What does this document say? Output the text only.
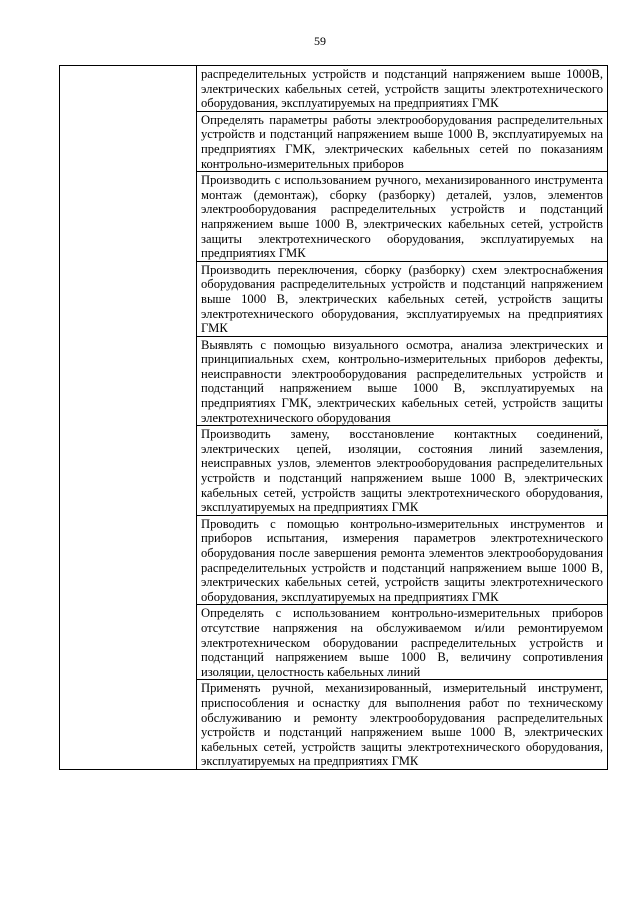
59

распределительных устройств и подстанций напряжением выше 1000В, электрических кабельных сетей, устройств защиты электротехнического оборудования, эксплуатируемых на предприятиях ГМК

Определять параметры работы электрооборудования распределительных устройств и подстанций напряжением выше 1000 В, эксплуатируемых на предприятиях ГМК, электрических кабельных сетей по показаниям контрольно-измерительных приборов

Производить с использованием ручного, механизированного инструмента монтаж (демонтаж), сборку (разборку) деталей, узлов, элементов электрооборудования распределительных устройств и подстанций напряжением выше 1000 В, электрических кабельных сетей, устройств защиты электротехнического оборудования, эксплуатируемых на предприятиях ГМК

Производить переключения, сборку (разборку) схем электроснабжения оборудования распределительных устройств и подстанций напряжением выше 1000 В, электрических кабельных сетей, устройств защиты электротехнического оборудования, эксплуатируемых на предприятиях ГМК

Выявлять с помощью визуального осмотра, анализа электрических и принципиальных схем, контрольно-измерительных приборов дефекты, неисправности электрооборудования распределительных устройств и подстанций напряжением выше 1000 В, эксплуатируемых на предприятиях ГМК, электрических кабельных сетей, устройств защиты электротехнического оборудования

Производить замену, восстановление контактных соединений, электрических цепей, изоляции, состояния линий заземления, неисправных узлов, элементов электрооборудования распределительных устройств и подстанций напряжением выше 1000 В, электрических кабельных сетей, устройств защиты электротехнического оборудования, эксплуатируемых на предприятиях ГМК

Проводить с помощью контрольно-измерительных инструментов и приборов испытания, измерения параметров электротехнического оборудования после завершения ремонта элементов электрооборудования распределительных устройств и подстанций напряжением выше 1000 В, электрических кабельных сетей, устройств защиты электротехнического оборудования, эксплуатируемых на предприятиях ГМК

Определять с использованием контрольно-измерительных приборов отсутствие напряжения на обслуживаемом и/или ремонтируемом электротехническом оборудовании распределительных устройств и подстанций напряжением выше 1000 В, величину сопротивления изоляции, целостность кабельных линий

Применять ручной, механизированный, измерительный инструмент, приспособления и оснастку для выполнения работ по техническому обслуживанию и ремонту электрооборудования распределительных устройств и подстанций напряжением выше 1000 В, электрических кабельных сетей, устройств защиты электротехнического оборудования, эксплуатируемых на предприятиях ГМК
